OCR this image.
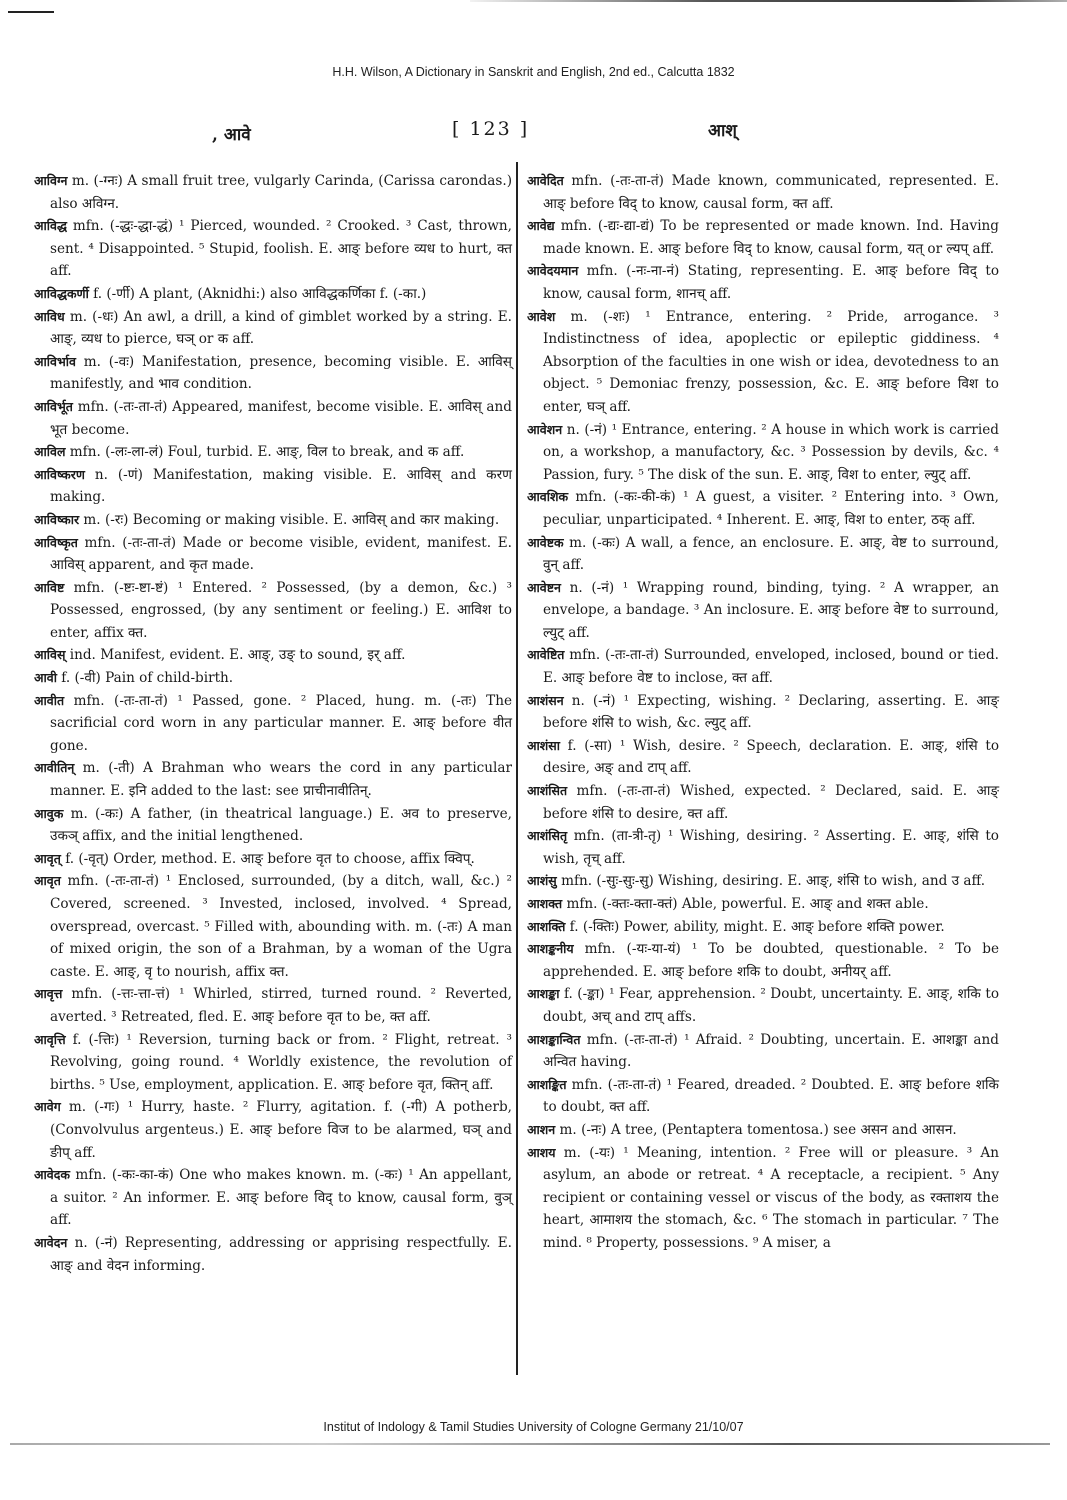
H.H. Wilson, A Dictionary in Sanskrit and English, 2nd ed., Calcutta 1832
, आवे	[ 123 ]	आश्

आविग्न m. (-ग्नः) A small fruit tree, vulgarly Carinda, (Carissa carondas.) also अविग्न.

आविद्ध mfn. (-द्धः-द्धा-द्धं) ¹ Pierced, wounded. ² Crooked. ³ Cast, thrown, sent. ⁴ Disappointed. ⁵ Stupid, foolish. E. आङ् before व्यध to hurt, क्त aff.

आविद्धकर्णी f. (-र्णी) A plant, (Aknidhi:) also आविद्धकर्णिका f. (-का.)

आविध m. (-धः) An awl, a drill, a kind of gimblet worked by a string. E. आङ्, व्यध to pierce, घञ् or क aff.

आविर्भाव m. (-वः) Manifestation, presence, becoming visible. E. आविस् manifestly, and भाव condition.

आविर्भूत mfn. (-तः-ता-तं) Appeared, manifest, become visible. E. आविस् and भूत become.

आविल mfn. (-लः-ला-लं) Foul, turbid. E. आङ्, विल to break, and क aff.

आविष्करण n. (-णं) Manifestation, making visible. E. आविस् and करण making.

आविष्कार m. (-रः) Becoming or making visible. E. आविस् and कार making.

आविष्कृत mfn. (-तः-ता-तं) Made or become visible, evident, manifest. E. आविस् apparent, and कृत made.

आविष्ट mfn. (-ष्टः-ष्टा-ष्टं) ¹ Entered. ² Possessed, (by a demon, &c.) ³ Possessed, engrossed, (by any sentiment or feeling.) E. आविश to enter, affix क्त.

आविस् ind. Manifest, evident. E. आङ्, उङ् to sound, इर् aff.

आवी f. (-वी) Pain of child-birth.

आवीत mfn. (-तः-ता-तं) ¹ Passed, gone. ² Placed, hung. m. (-तः) The sacrificial cord worn in any particular manner. E. आङ् before वीत gone.

आवीतिन् m. (-ती) A Brahman who wears the cord in any particular manner. E. इनि added to the last: see प्राचीनावीतिन्.

आवुक m. (-कः) A father, (in theatrical language.) E. अव to preserve, उकञ् affix, and the initial lengthened.

आवृत् f. (-वृत्) Order, method. E. आङ् before वृत to choose, affix क्विप्.

आवृत mfn. (-तः-ता-तं) ¹ Enclosed, surrounded, (by a ditch, wall, &c.) ² Covered, screened. ³ Invested, inclosed, involved. ⁴ Spread, overspread, overcast. ⁵ Filled with, abounding with. m. (-तः) A man of mixed origin, the son of a Brahman, by a woman of the Ugra caste. E. आङ्, वृ to nourish, affix क्त.

आवृत्त mfn. (-त्तः-त्ता-त्तं) ¹ Whirled, stirred, turned round. ² Reverted, averted. ³ Retreated, fled. E. आङ् before वृत to be, क्त aff.

आवृत्ति f. (-त्तिः) ¹ Reversion, turning back or from. ² Flight, retreat. ³ Revolving, going round. ⁴ Worldly existence, the revolution of births. ⁵ Use, employment, application. E. आङ् before वृत, क्तिन् aff.

आवेग m. (-गः) ¹ Hurry, haste. ² Flurry, agitation. f. (-गी) A potherb, (Convolvulus argenteus.) E. आङ् before विज to be alarmed, घञ् and ङीप् aff.

आवेदक mfn. (-कः-का-कं) One who makes known. m. (-कः) ¹ An appellant, a suitor. ² An informer. E. आङ् before विद् to know, causal form, वुञ् aff.

आवेदन n. (-नं) Representing, addressing or apprising respectfully. E. आङ् and वेदन informing.

आवेदित mfn. (-तः-ता-तं) Made known, communicated, represented. E. आङ् before विद् to know, causal form, क्त aff.

आवेद्य mfn. (-द्यः-द्या-द्यं) To be represented or made known. Ind. Having made known. E. आङ् before विद् to know, causal form, यत् or ल्यप् aff.

आवेदयमान mfn. (-नः-ना-नं) Stating, representing. E. आङ् before विद् to know, causal form, शानच् aff.

आवेश m. (-शः) ¹ Entrance, entering. ² Pride, arrogance. ³ Indistinctness of idea, apoplectic or epileptic giddiness. ⁴ Absorption of the faculties in one wish or idea, devotedness to an object. ⁵ Demoniac frenzy, possession, &c. E. आङ् before विश to enter, घञ् aff.

आवेशन n. (-नं) ¹ Entrance, entering. ² A house in which work is carried on, a workshop, a manufactory, &c. ³ Possession by devils, &c. ⁴ Passion, fury. ⁵ The disk of the sun. E. आङ्, विश to enter, ल्युट् aff.

आवशिक mfn. (-कः-की-कं) ¹ A guest, a visiter. ² Entering into. ³ Own, peculiar, unparticipated. ⁴ Inherent. E. आङ्, विश to enter, ठक् aff.

आवेष्टक m. (-कः) A wall, a fence, an enclosure. E. आङ्, वेष्ट to surround, वुन् aff.

आवेष्टन n. (-नं) ¹ Wrapping round, binding, tying. ² A wrapper, an envelope, a bandage. ³ An inclosure. E. आङ् before वेष्ट to surround, ल्युट् aff.

आवेष्टित mfn. (-तः-ता-तं) Surrounded, enveloped, inclosed, bound or tied. E. आङ् before वेष्ट to inclose, क्त aff.

आशंसन n. (-नं) ¹ Expecting, wishing. ² Declaring, asserting. E. आङ् before शंसि to wish, &c. ल्युट् aff.

आशंसा f. (-सा) ¹ Wish, desire. ² Speech, declaration. E. आङ्, शंसि to desire, अङ् and टाप् aff.

आशंसित mfn. (-तः-ता-तं) Wished, expected. ² Declared, said. E. आङ् before शंसि to desire, क्त aff.

आशंसितृ mfn. (ता-त्री-तृ) ¹ Wishing, desiring. ² Asserting. E. आङ्, शंसि to wish, तृच् aff.

आशंसु mfn. (-सुः-सुः-सु) Wishing, desiring. E. आङ्, शंसि to wish, and उ aff.

आशक्त mfn. (-क्तः-क्ता-क्तं) Able, powerful. E. आङ् and शक्त able.

आशक्ति f. (-क्तिः) Power, ability, might. E. आङ् before शक्ति power.

आशङ्कनीय mfn. (-यः-या-यं) ¹ To be doubted, questionable. ² To be apprehended. E. आङ् before शकि to doubt, अनीयर् aff.

आशङ्का f. (-ङ्का) ¹ Fear, apprehension. ² Doubt, uncertainty. E. आङ्, शकि to doubt, अच् and टाप् affs.

आशङ्कान्वित mfn. (-तः-ता-तं) ¹ Afraid. ² Doubting, uncertain. E. आशङ्का and अन्वित having.

आशङ्कित mfn. (-तः-ता-तं) ¹ Feared, dreaded. ² Doubted. E. आङ् before शकि to doubt, क्त aff.

आशन m. (-नः) A tree, (Pentaptera tomentosa.) see असन and आसन.

आशय m. (-यः) ¹ Meaning, intention. ² Free will or pleasure. ³ An asylum, an abode or retreat. ⁴ A receptacle, a recipient. ⁵ Any recipient or containing vessel or viscus of the body, as रक्ताशय the heart, आमाशय the stomach, &c. ⁶ The stomach in particular. ⁷ The mind. ⁸ Property, possessions. ⁹ A miser, a

Institut of Indology & Tamil Studies University of Cologne Germany 21/10/07
